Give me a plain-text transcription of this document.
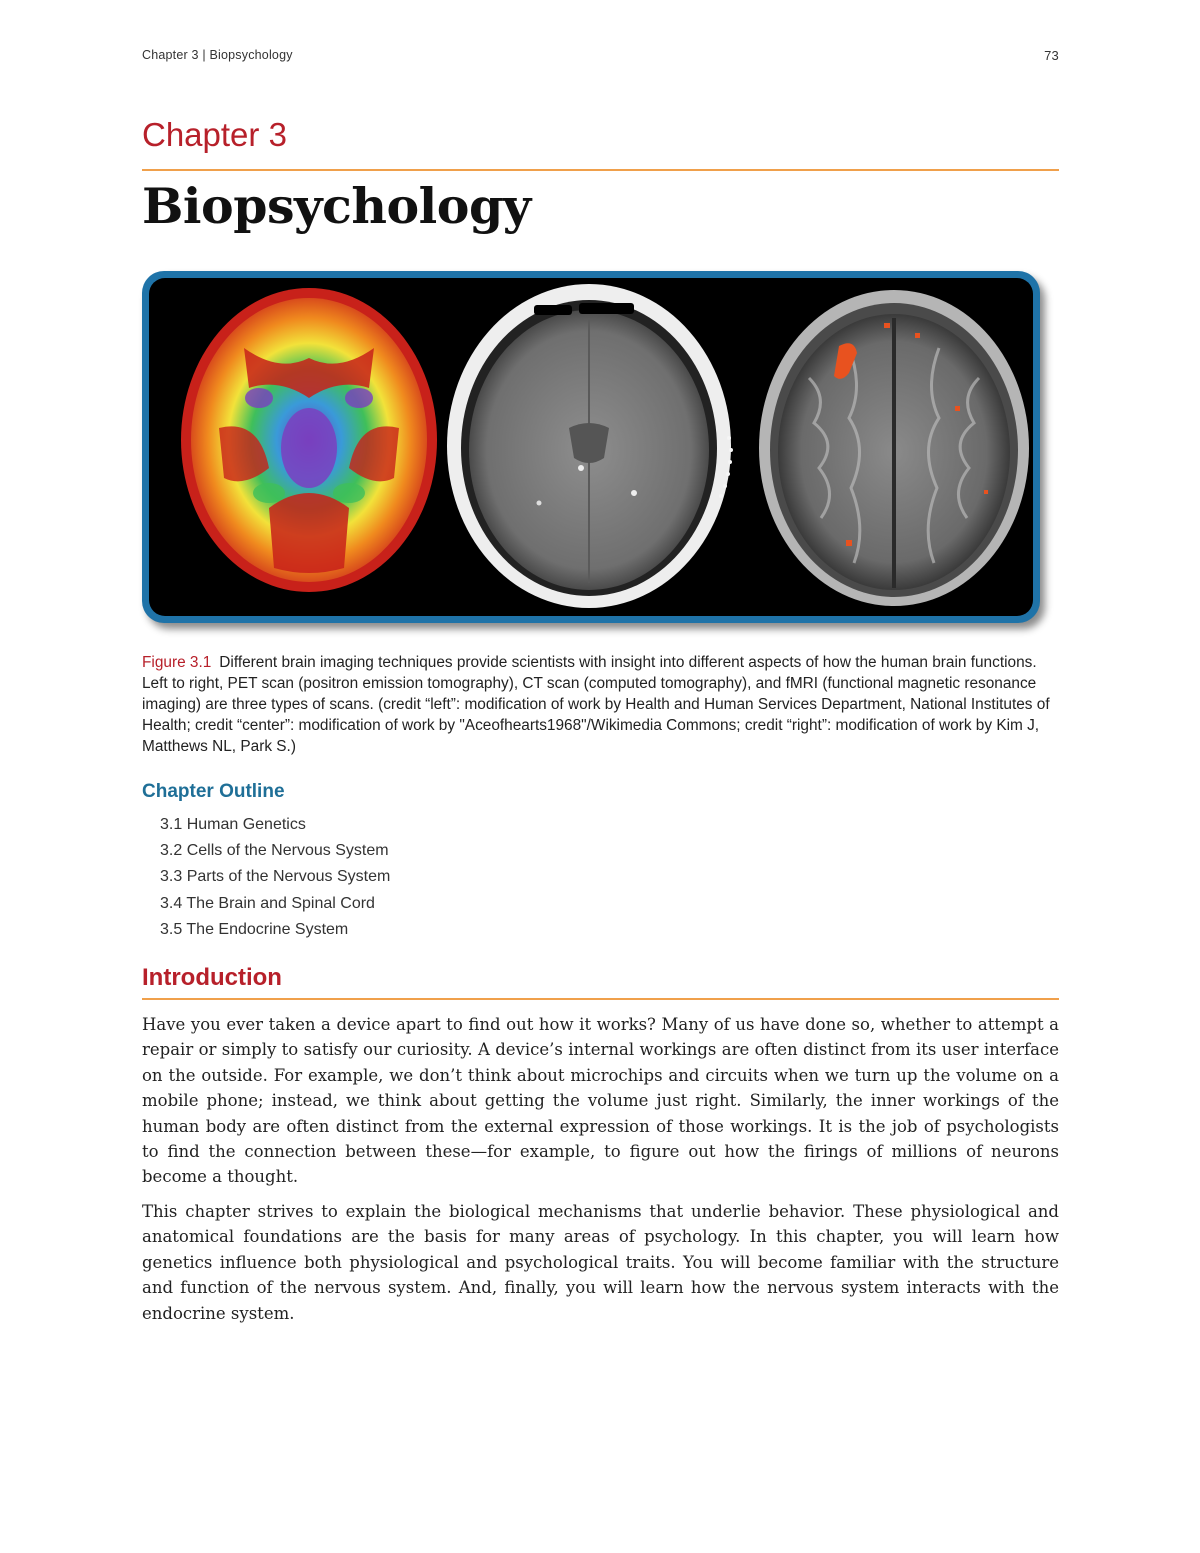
Chapter 3 | Biopsychology	73
Chapter 3
Biopsychology
Figure 3.1 Different brain imaging techniques provide scientists with insight into different aspects of how the human brain functions. Left to right, PET scan (positron emission tomography), CT scan (computed tomography), and fMRI (functional magnetic resonance imaging) are three types of scans. (credit “left”: modification of work by Health and Human Services Department, National Institutes of Health; credit “center”: modification of work by "Aceofhearts1968"/Wikimedia Commons; credit “right”: modification of work by Kim J, Matthews NL, Park S.)
Chapter Outline
3.1 Human Genetics
3.2 Cells of the Nervous System
3.3 Parts of the Nervous System
3.4 The Brain and Spinal Cord
3.5 The Endocrine System
Introduction

Have you ever taken a device apart to find out how it works? Many of us have done so, whether to attempt a repair or simply to satisfy our curiosity. A device’s internal workings are often distinct from its user interface on the outside. For example, we don’t think about microchips and circuits when we turn up the volume on a mobile phone; instead, we think about getting the volume just right. Similarly, the inner workings of the human body are often distinct from the external expression of those workings. It is the job of psychologists to find the connection between these—for example, to figure out how the firings of millions of neurons become a thought.

This chapter strives to explain the biological mechanisms that underlie behavior. These physiological and anatomical foundations are the basis for many areas of psychology. In this chapter, you will learn how genetics influence both physiological and psychological traits. You will become familiar with the structure and function of the nervous system. And, finally, you will learn how the nervous system interacts with the endocrine system.
